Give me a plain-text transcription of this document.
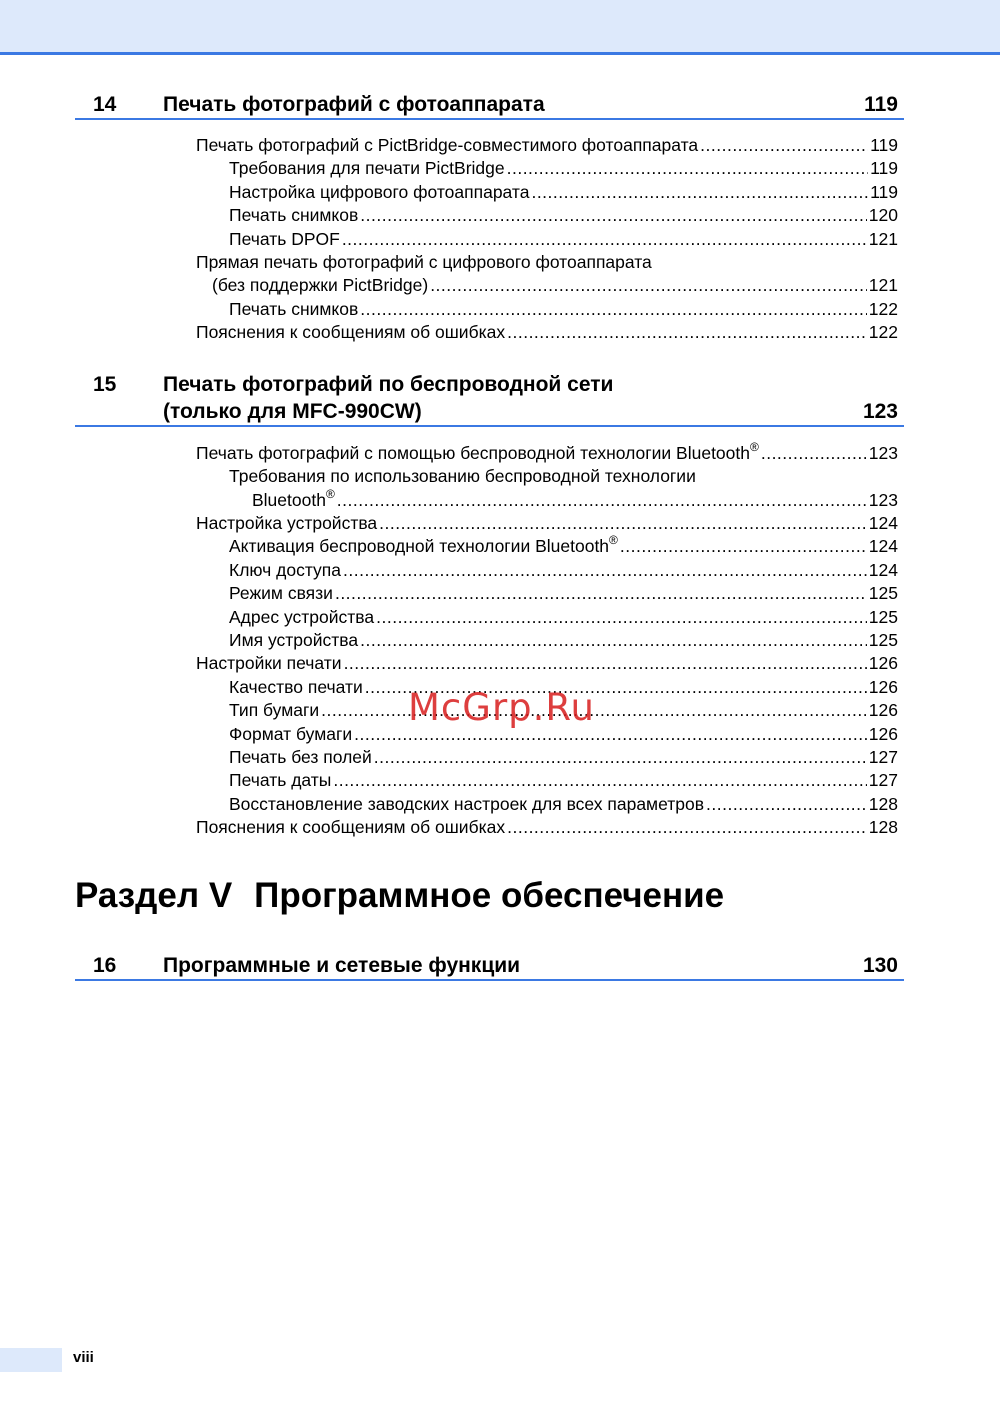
14 Печать фотографий с фотоаппарата	119
Печать фотографий с PictBridge-совместимого фотоаппарата .....	119
Требования для печати PictBridge .....	119
Настройка цифрового фотоаппарата .....	119
Печать снимков .....	120
Печать DPOF .....	121
Прямая печать фотографий с цифрового фотоаппарата
(без поддержки PictBridge) .....	121
Печать снимков .....	122
Пояснения к сообщениям об ошибках .....	122
15 Печать фотографий по беспроводной сети
(только для MFC-990CW)	123
Печать фотографий с помощью беспроводной технологии Bluetooth® .....	123
Требования по использованию беспроводной технологии
Bluetooth® .....	123
Настройка устройства .....	124
Активация беспроводной технологии Bluetooth® .....	124
Ключ доступа .....	124
Режим связи .....	125
Адрес устройства .....	125
Имя устройства .....	125
Настройки печати .....	126
Качество печати .....	126
Тип бумаги .....	126
Формат бумаги .....	126
Печать без полей .....	127
Печать даты .....	127
Восстановление заводских настроек для всех параметров .....	128
Пояснения к сообщениям об ошибках .....	128
Раздел V Программное обеспечение
16 Программные и сетевые функции	130
McGrp.Ru
viii
